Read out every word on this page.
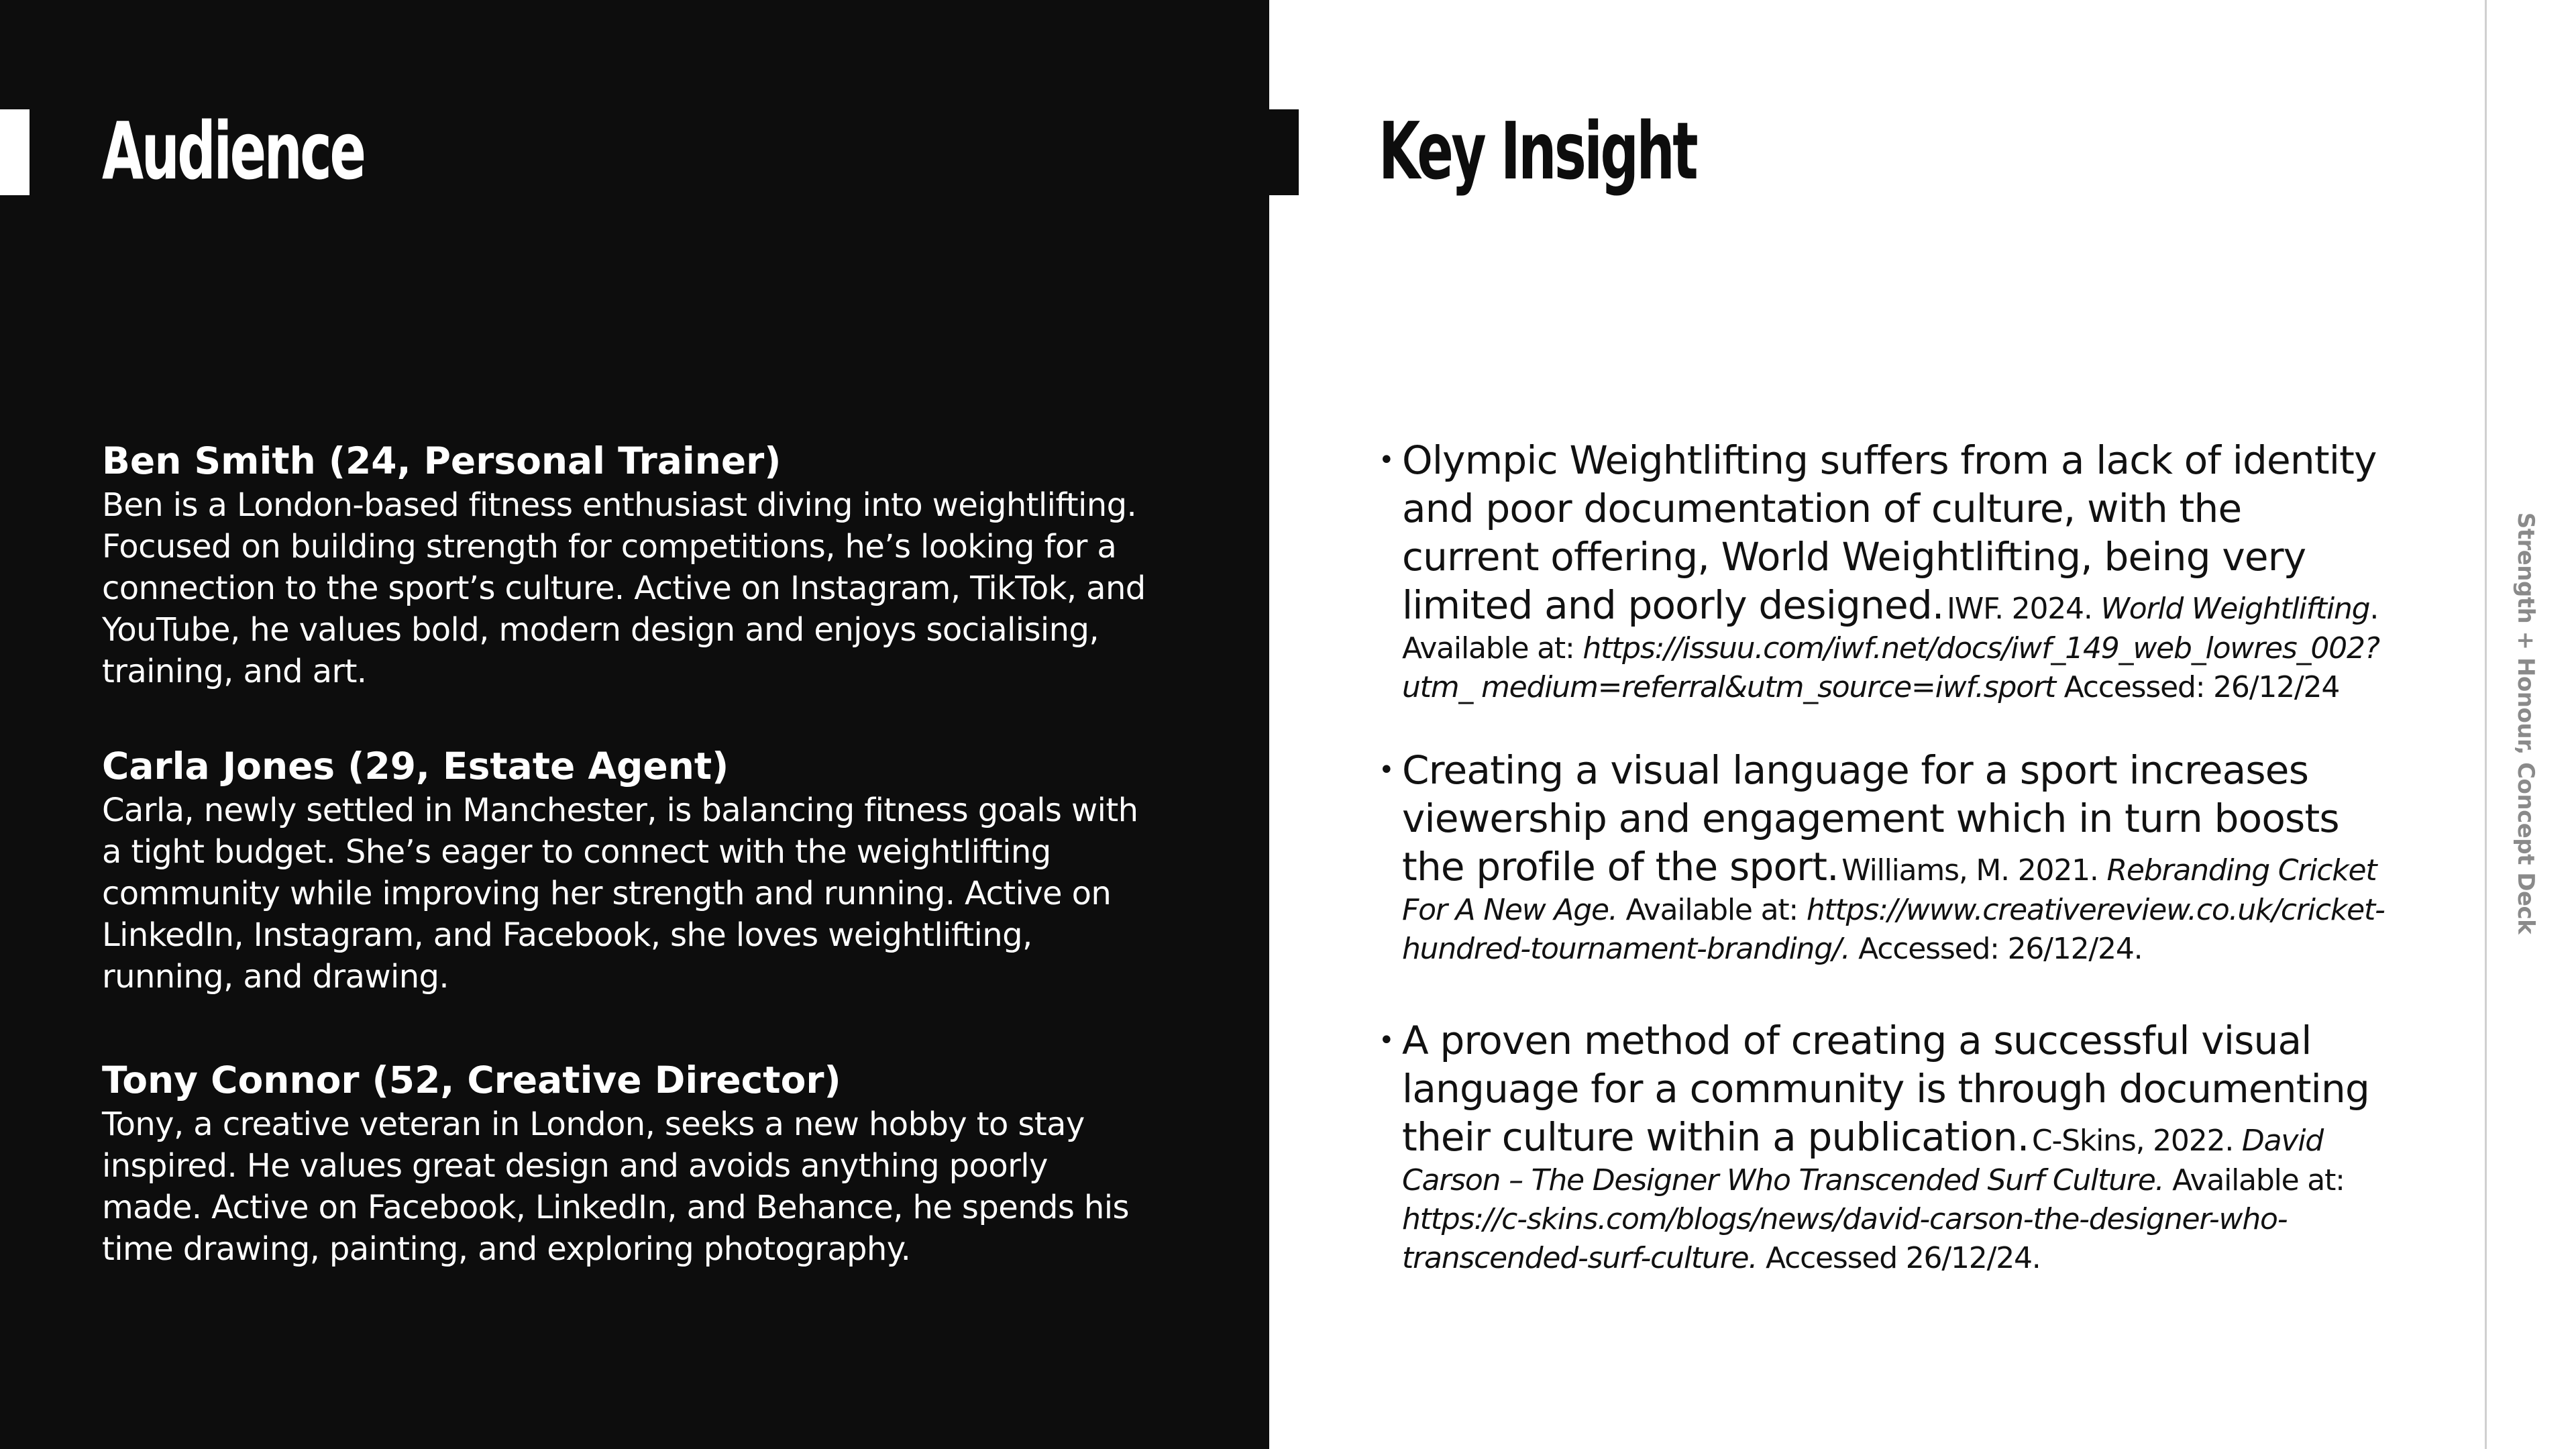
Audience	Key Insight
Ben Smith (24, Personal Trainer)
Ben is a London-based fitness enthusiast diving into weightlifting. Focused on building strength for competitions, he’s looking for a connection to the sport’s culture. Active on Instagram, TikTok, and YouTube, he values bold, modern design and enjoys socialising, training, and art.
Carla Jones (29, Estate Agent)
Carla, newly settled in Manchester, is balancing fitness goals with a tight budget. She’s eager to connect with the weightlifting community while improving her strength and running. Active on LinkedIn, Instagram, and Facebook, she loves weightlifting, running, and drawing.
Tony Connor (52, Creative Director)
Tony, a creative veteran in London, seeks a new hobby to stay inspired. He values great design and avoids anything poorly made. Active on Facebook, LinkedIn, and Behance, he spends his time drawing, painting, and exploring photography.
• Olympic Weightlifting suffers from a lack of identity and poor documentation of culture, with the current offering, World Weightlifting, being very limited and poorly designed. IWF. 2024. World Weightlifting. Available at: https://issuu.com/iwf.net/docs/iwf_149_web_lowres_002?utm_ medium=referral&utm_source=iwf.sport Accessed: 26/12/24
• Creating a visual language for a sport increases viewership and engagement which in turn boosts the profile of the sport. Williams, M. 2021. Rebranding Cricket For A New Age. Available at: https://www.creativereview.co.uk/cricket-hundred-tournament-branding/. Accessed: 26/12/24.
• A proven method of creating a successful visual language for a community is through documenting their culture within a publication. C-Skins, 2022. David Carson – The Designer Who Transcended Surf Culture. Available at: https://c-skins.com/blogs/news/david-carson-the-designer-who-transcended-surf-culture. Accessed 26/12/24.
Strength + Honour, Concept Deck
